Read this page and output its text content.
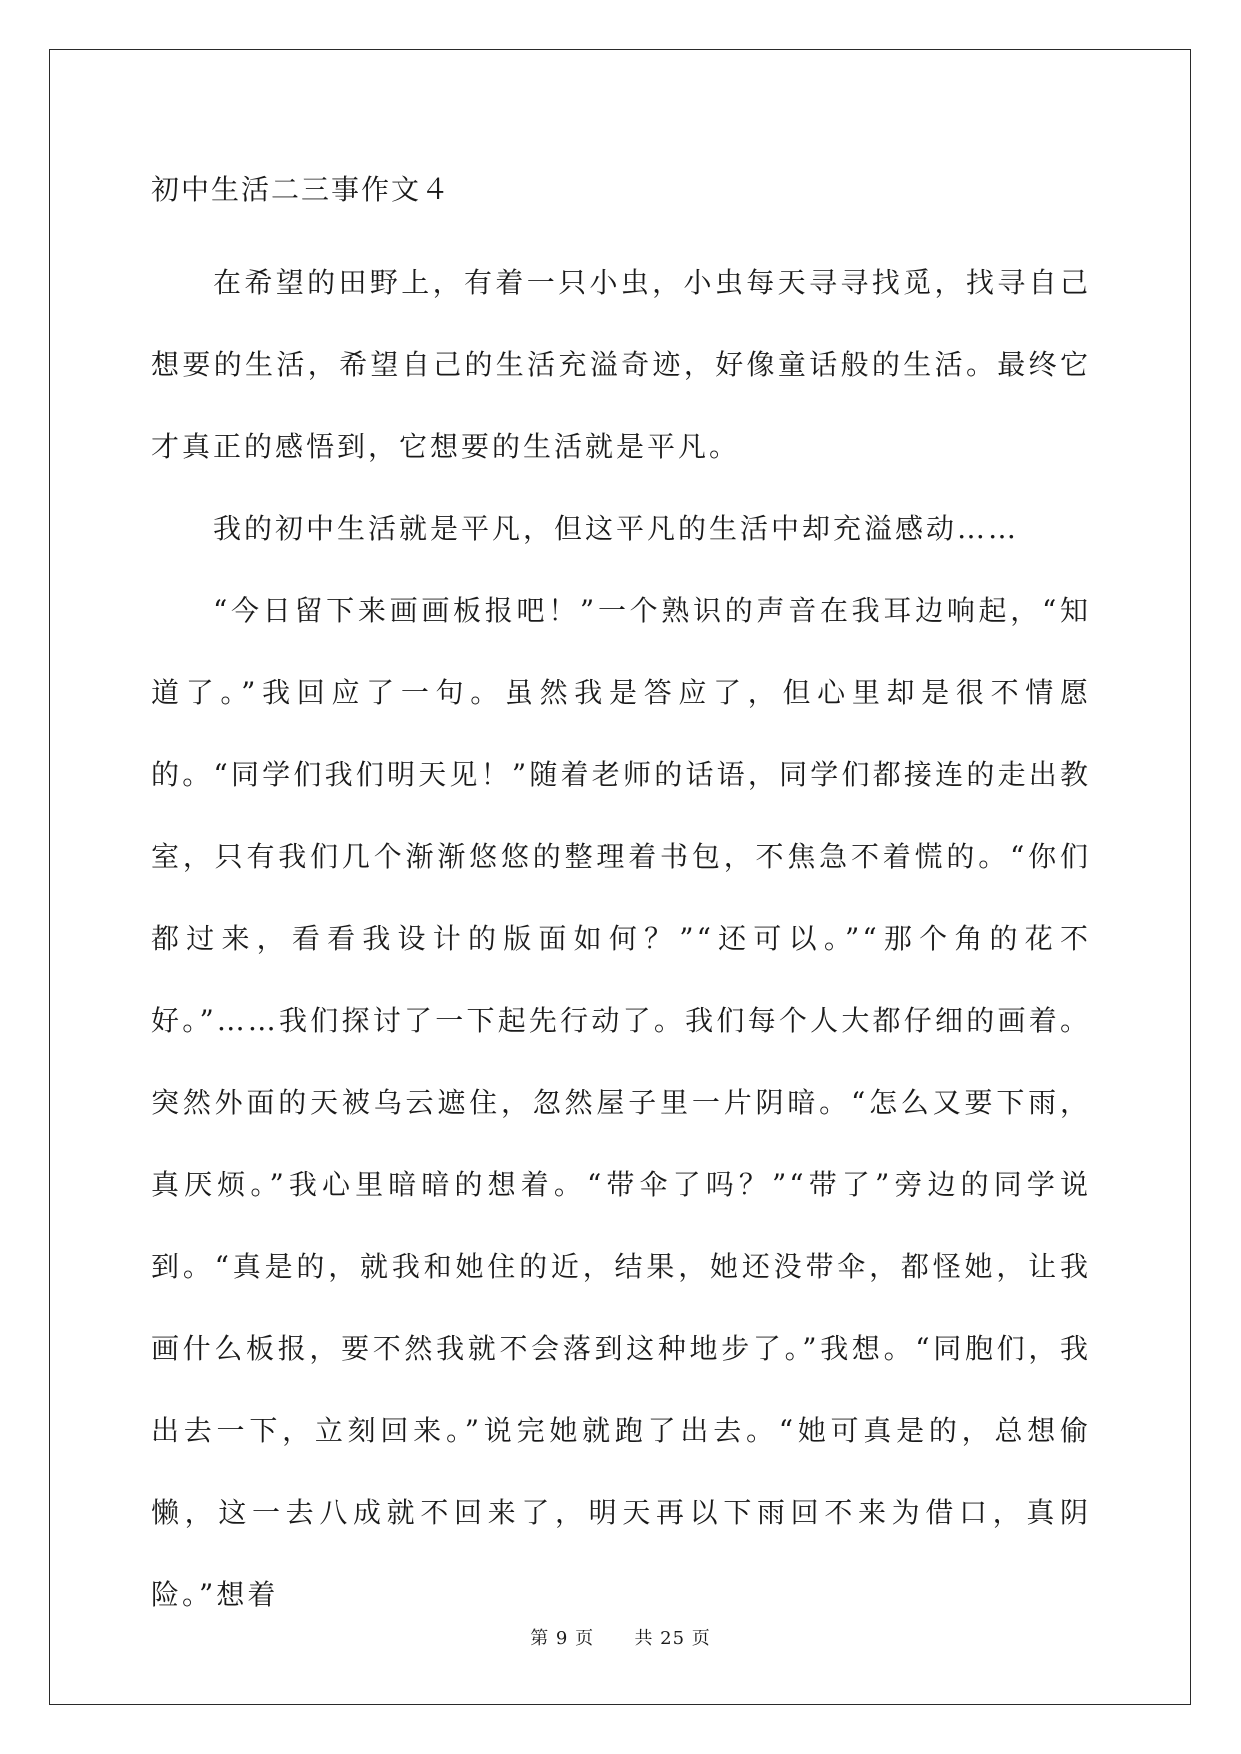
初中生活二三事作文４

在希望的田野上，有着一只小虫，小虫每天寻寻找觅，找寻自己想要的生活，希望自己的生活充溢奇迹，好像童话般的生活。最终它才真正的感悟到，它想要的生活就是平凡。

我的初中生活就是平凡，但这平凡的生活中却充溢感动……

“今日留下来画画板报吧！”一个熟识的声音在我耳边响起，“知道了。”我回应了一句。虽然我是答应了，但心里却是很不情愿的。“同学们我们明天见！”随着老师的话语，同学们都接连的走出教室，只有我们几个渐渐悠悠的整理着书包，不焦急不着慌的。“你们都过来，看看我设计的版面如何？”“还可以。”“那个角的花不好。”……我们探讨了一下起先行动了。我们每个人大都仔细的画着。突然外面的天被乌云遮住，忽然屋子里一片阴暗。“怎么又要下雨，真厌烦。”我心里暗暗的想着。“带伞了吗？”“带了”旁边的同学说到。“真是的，就我和她住的近，结果，她还没带伞，都怪她，让我画什么板报，要不然我就不会落到这种地步了。”我想。“同胞们，我出去一下，立刻回来。”说完她就跑了出去。“她可真是的，总想偷懒，这一去八成就不回来了，明天再以下雨回不来为借口，真阴险。”想着

第 9 页 共 25 页
